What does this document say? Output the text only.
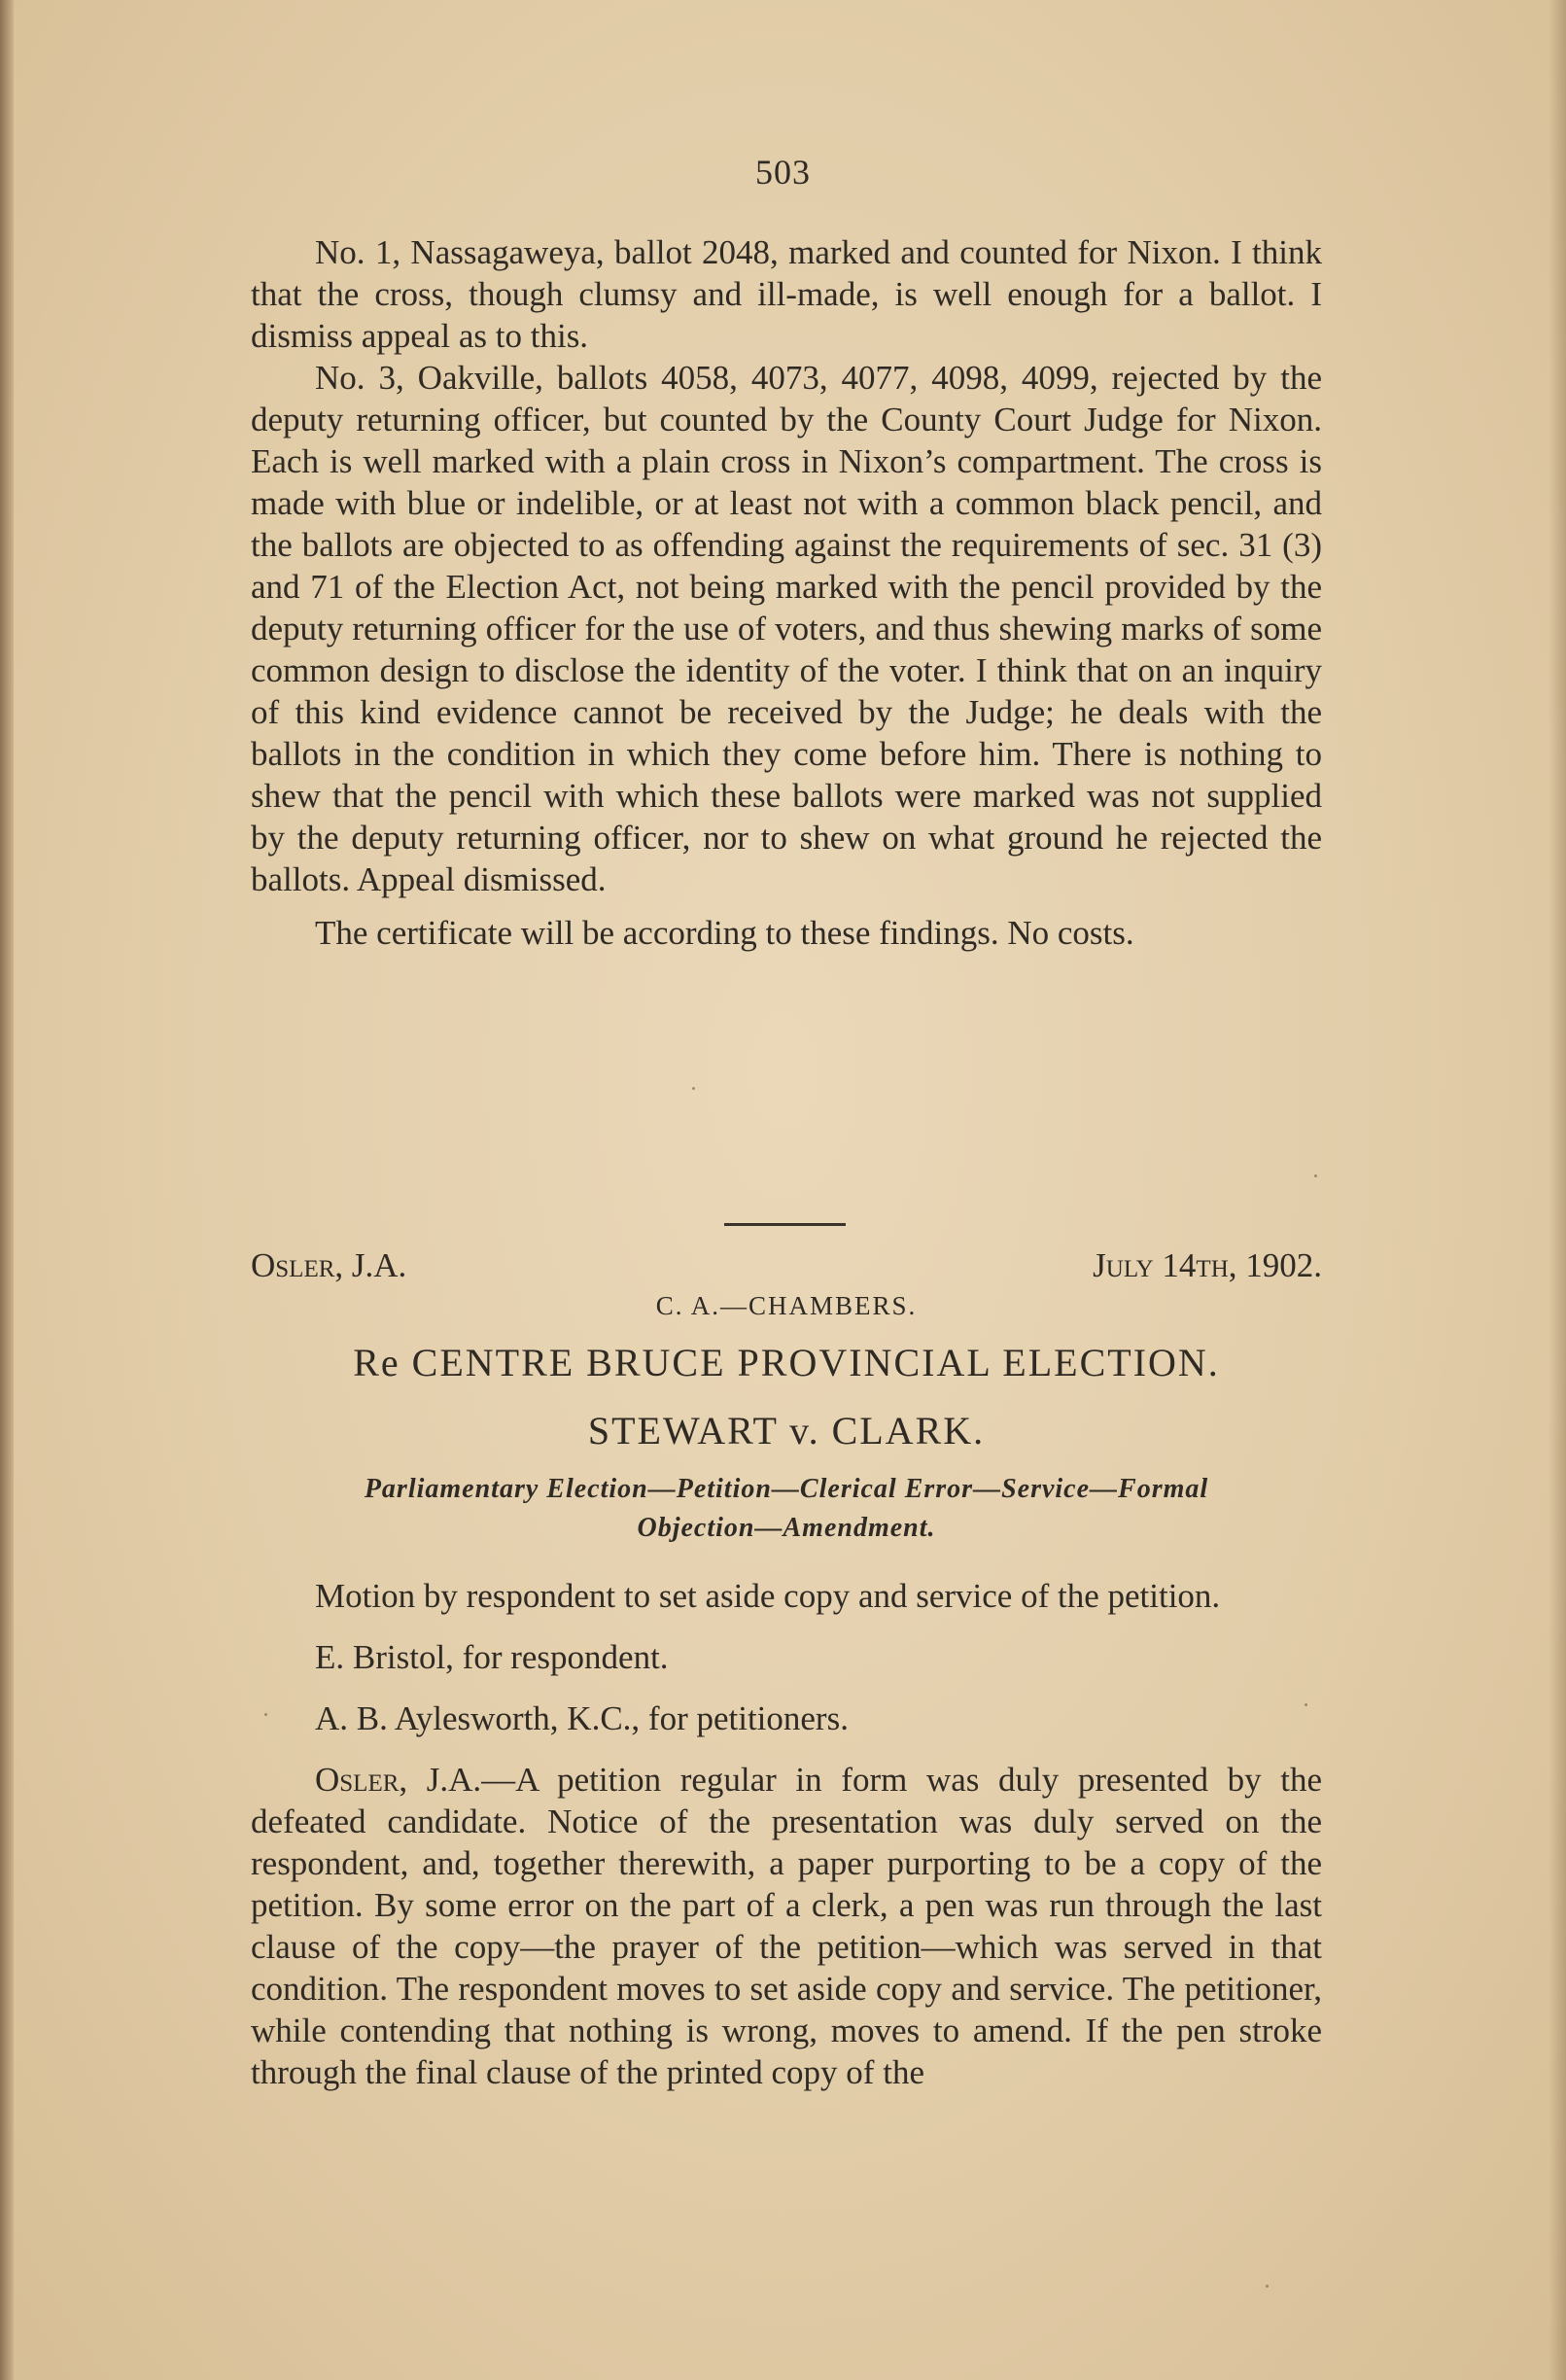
503

No. 1, Nassagaweya, ballot 2048, marked and counted for Nixon. I think that the cross, though clumsy and ill-made, is well enough for a ballot. I dismiss appeal as to this.

No. 3, Oakville, ballots 4058, 4073, 4077, 4098, 4099, rejected by the deputy returning officer, but counted by the County Court Judge for Nixon. Each is well marked with a plain cross in Nixon’s compartment. The cross is made with blue or indelible, or at least not with a common black pencil, and the ballots are objected to as offending against the requirements of sec. 31 (3) and 71 of the Election Act, not being marked with the pencil provided by the deputy returning officer for the use of voters, and thus shewing marks of some common design to disclose the identity of the voter. I think that on an inquiry of this kind evidence cannot be received by the Judge; he deals with the ballots in the condition in which they come before him. There is nothing to shew that the pencil with which these ballots were marked was not supplied by the deputy returning officer, nor to shew on what ground he rejected the ballots. Appeal dismissed.

The certificate will be according to these findings. No costs.

Osler, J.A.	July 14th, 1902.
C. A.—CHAMBERS.
Re CENTRE BRUCE PROVINCIAL ELECTION.
STEWART v. CLARK.
Parliamentary Election—Petition—Clerical Error—Service—Formal
Objection—Amendment.

Motion by respondent to set aside copy and service of the petition.

E. Bristol, for respondent.

A. B. Aylesworth, K.C., for petitioners.

Osler, J.A.—A petition regular in form was duly presented by the defeated candidate. Notice of the presentation was duly served on the respondent, and, together therewith, a paper purporting to be a copy of the petition. By some error on the part of a clerk, a pen was run through the last clause of the copy—the prayer of the petition—which was served in that condition. The respondent moves to set aside copy and service. The petitioner, while contending that nothing is wrong, moves to amend. If the pen stroke through the final clause of the printed copy of the
